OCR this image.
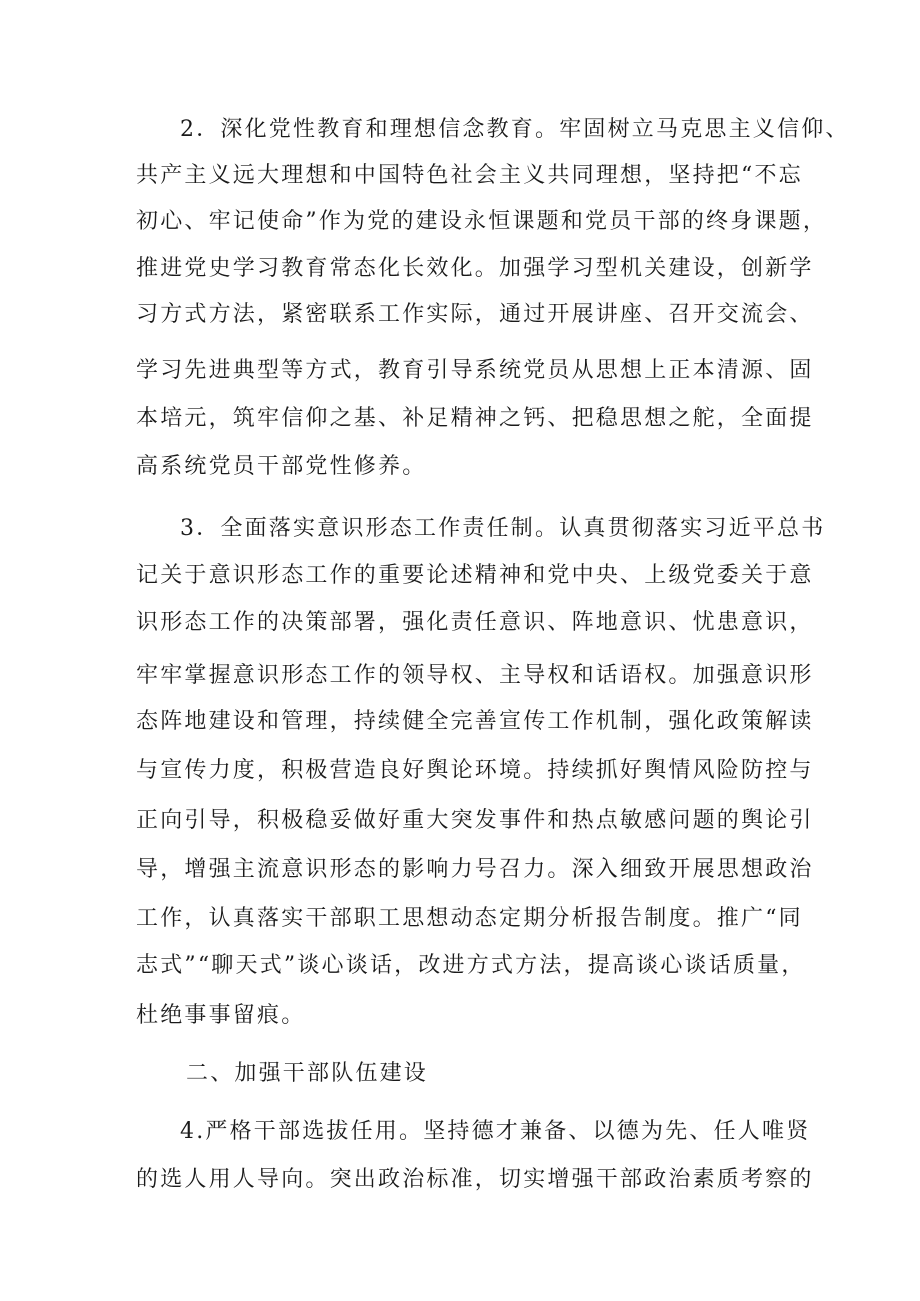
2．深化党性教育和理想信念教育。牢固树立马克思主义信仰、
共产主义远大理想和中国特色社会主义共同理想，坚持把“不忘
初心、牢记使命”作为党的建设永恒课题和党员干部的终身课题，
推进党史学习教育常态化长效化。加强学习型机关建设，创新学
习方式方法，紧密联系工作实际，通过开展讲座、召开交流会、
学习先进典型等方式，教育引导系统党员从思想上正本清源、固
本培元，筑牢信仰之基、补足精神之钙、把稳思想之舵，全面提
高系统党员干部党性修养。
3．全面落实意识形态工作责任制。认真贯彻落实习近平总书
记关于意识形态工作的重要论述精神和党中央、上级党委关于意
识形态工作的决策部署，强化责任意识、阵地意识、忧患意识，
牢牢掌握意识形态工作的领导权、主导权和话语权。加强意识形
态阵地建设和管理，持续健全完善宣传工作机制，强化政策解读
与宣传力度，积极营造良好舆论环境。持续抓好舆情风险防控与
正向引导，积极稳妥做好重大突发事件和热点敏感问题的舆论引
导，增强主流意识形态的影响力号召力。深入细致开展思想政治
工作，认真落实干部职工思想动态定期分析报告制度。推广“同
志式”“聊天式”谈心谈话，改进方式方法，提高谈心谈话质量，
杜绝事事留痕。
二、加强干部队伍建设
4.严格干部选拔任用。坚持德才兼备、以德为先、任人唯贤
的选人用人导向。突出政治标准，切实增强干部政治素质考察的
